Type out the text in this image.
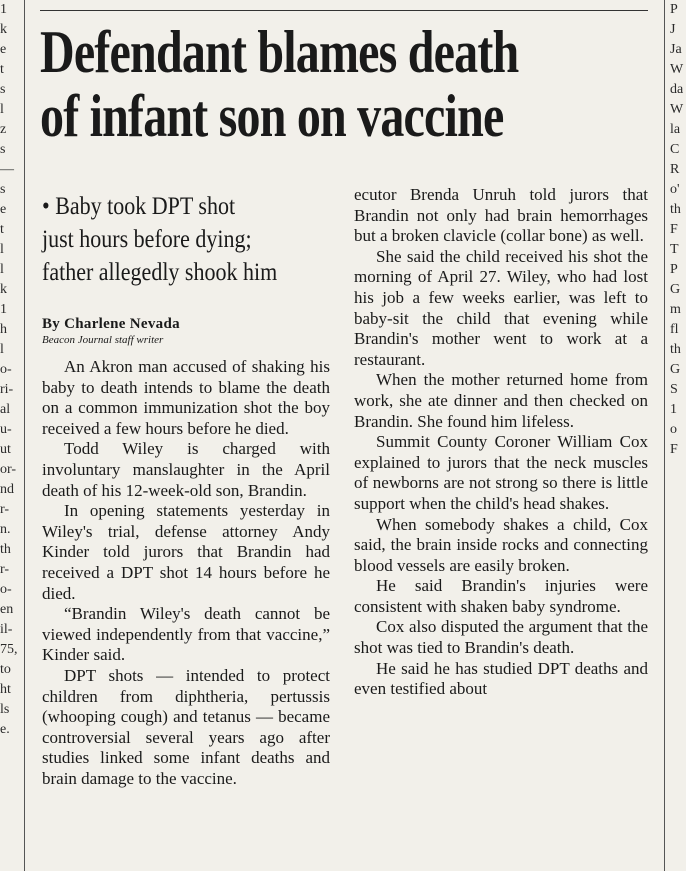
1
k
e
t
s
l
z
s
—
s
e
t
l
l
k
1
h
l
o-
ri-
al
u-
ut
or-
nd
r-
n.
th
r-
o-
en
il-
75,
to
ht
ls
e.
Defendant blames death
of infant son on vaccine
• Baby took DPT shot
just hours before dying;
father allegedly shook him
By Charlene Nevada
Beacon Journal staff writer

An Akron man accused of shaking his baby to death intends to blame the death on a common immunization shot the boy received a few hours before he died.

Todd Wiley is charged with involuntary manslaughter in the April death of his 12-week-old son, Brandin.

In opening statements yesterday in Wiley's trial, defense attorney Andy Kinder told jurors that Brandin had received a DPT shot 14 hours before he died.

“Brandin Wiley's death cannot be viewed independently from that vaccine,” Kinder said.

DPT shots — intended to protect children from diphtheria, pertussis (whooping cough) and tetanus — became controversial several years ago after studies linked some infant deaths and brain damage to the vaccine.

ecutor Brenda Unruh told jurors that Brandin not only had brain hemorrhages but a broken clavicle (collar bone) as well.

She said the child received his shot the morning of April 27. Wiley, who had lost his job a few weeks earlier, was left to baby-sit the child that evening while Brandin's mother went to work at a restaurant.

When the mother returned home from work, she ate dinner and then checked on Brandin. She found him lifeless.

Summit County Coroner William Cox explained to jurors that the neck muscles of newborns are not strong so there is little support when the child's head shakes.

When somebody shakes a child, Cox said, the brain inside rocks and connecting blood vessels are easily broken.

He said Brandin's injuries were consistent with shaken baby syndrome.

Cox also disputed the argument that the shot was tied to Brandin's death.

He said he has studied DPT deaths and even testified about

P
J
Ja
W
da
W
la
C
R
o'
th
F
T
P
G
m
fl
th
G
S
1
o
F
